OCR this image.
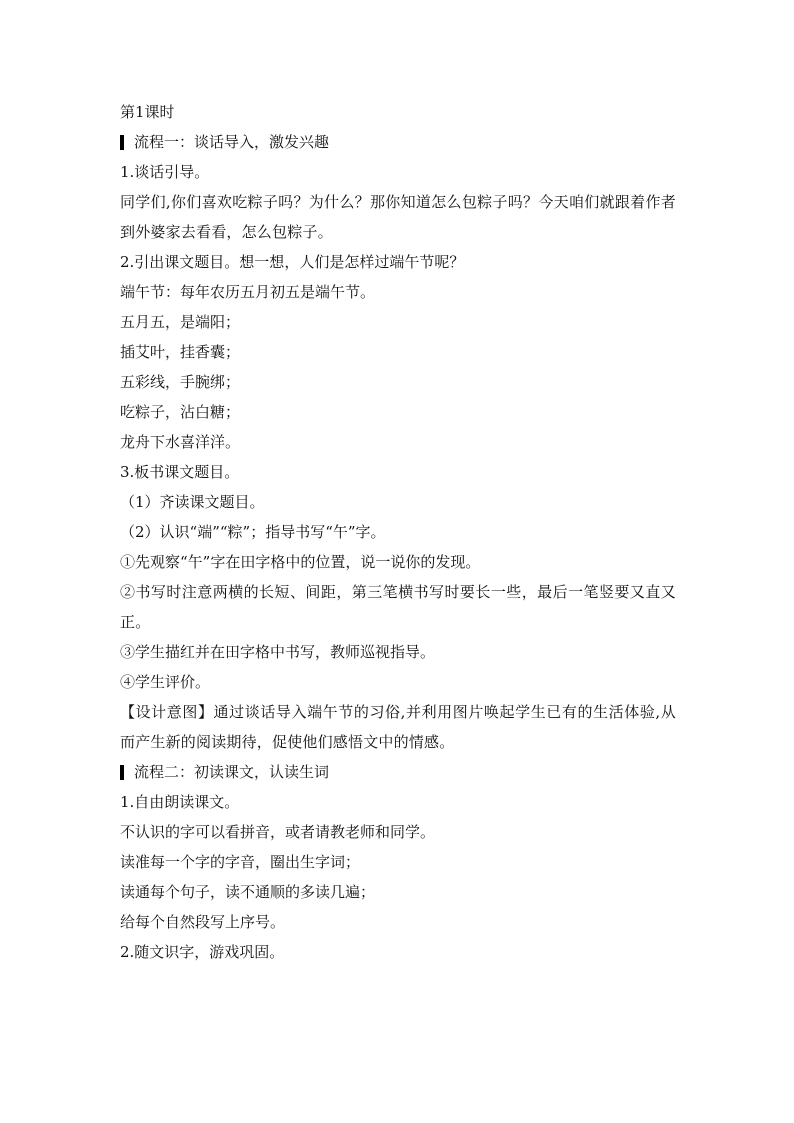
第1课时
流程一：谈话导入，激发兴趣
1.谈话引导。
同学们,你们喜欢吃粽子吗？为什么？那你知道怎么包粽子吗？今天咱们就跟着作者到外婆家去看看，怎么包粽子。
2.引出课文题目。想一想，人们是怎样过端午节呢？
端午节：每年农历五月初五是端午节。
五月五，是端阳；
插艾叶，挂香囊；
五彩线，手腕绑；
吃粽子，沾白糖；
龙舟下水喜洋洋。
3.板书课文题目。
（1）齐读课文题目。
（2）认识“端”“粽”；指导书写“午”字。
①先观察“午”字在田字格中的位置，说一说你的发现。
②书写时注意两横的长短、间距，第三笔横书写时要长一些，最后一笔竖要又直又正。
③学生描红并在田字格中书写，教师巡视指导。
④学生评价。
【设计意图】通过谈话导入端午节的习俗,并利用图片唤起学生已有的生活体验,从而产生新的阅读期待，促使他们感悟文中的情感。
流程二：初读课文，认读生词
1.自由朗读课文。
不认识的字可以看拼音，或者请教老师和同学。
读准每一个字的字音，圈出生字词；
读通每个句子，读不通顺的多读几遍；
给每个自然段写上序号。
2.随文识字，游戏巩固。
